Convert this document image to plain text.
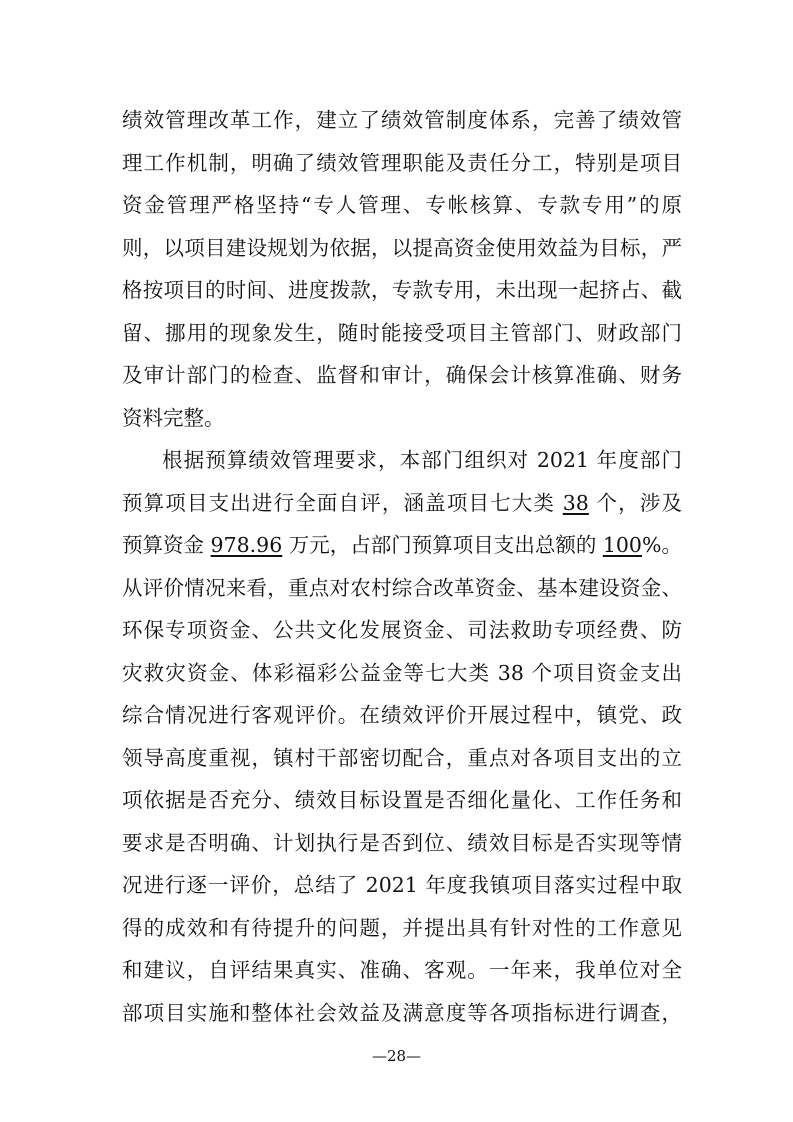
绩效管理改革工作，建立了绩效管制度体系，完善了绩效管
理工作机制，明确了绩效管理职能及责任分工，特别是项目
资金管理严格坚持“专人管理、专帐核算、专款专用”的原
则，以项目建设规划为依据，以提高资金使用效益为目标，严
格按项目的时间、进度拨款，专款专用，未出现一起挤占、截
留、挪用的现象发生，随时能接受项目主管部门、财政部门
及审计部门的检查、监督和审计，确保会计核算准确、财务
资料完整。
根据预算绩效管理要求，本部门组织对 2021 年度部门
预算项目支出进行全面自评，涵盖项目七大类 38 个，涉及
预算资金 978.96 万元，占部门预算项目支出总额的 100%。
从评价情况来看，重点对农村综合改革资金、基本建设资金、
环保专项资金、公共文化发展资金、司法救助专项经费、防
灾救灾资金、体彩福彩公益金等七大类 38 个项目资金支出
综合情况进行客观评价。在绩效评价开展过程中，镇党、政
领导高度重视，镇村干部密切配合，重点对各项目支出的立
项依据是否充分、绩效目标设置是否细化量化、工作任务和
要求是否明确、计划执行是否到位、绩效目标是否实现等情
况进行逐一评价，总结了 2021 年度我镇项目落实过程中取
得的成效和有待提升的问题，并提出具有针对性的工作意见
和建议，自评结果真实、准确、客观。一年来，我单位对全
部项目实施和整体社会效益及满意度等各项指标进行调查，
—28—
